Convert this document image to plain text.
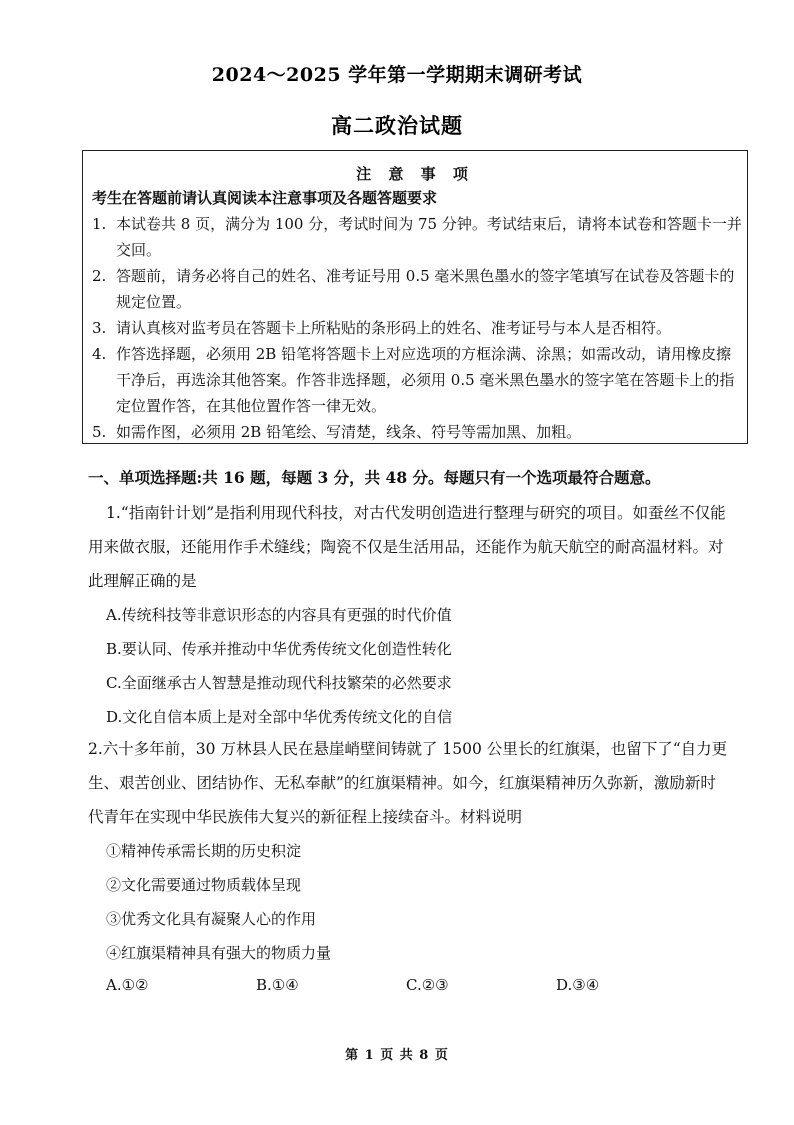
2024～2025 学年第一学期期末调研考试
高二政治试题
注 意 事 项
考生在答题前请认真阅读本注意事项及各题答题要求
1. 本试卷共 8 页，满分为 100 分，考试时间为 75 分钟。考试结束后，请将本试卷和答题卡一并交回。
2. 答题前，请务必将自己的姓名、准考证号用 0.5 毫米黑色墨水的签字笔填写在试卷及答题卡的规定位置。
3. 请认真核对监考员在答题卡上所粘贴的条形码上的姓名、准考证号与本人是否相符。
4. 作答选择题，必须用 2B 铅笔将答题卡上对应选项的方框涂满、涂黑；如需改动，请用橡皮擦干净后，再选涂其他答案。作答非选择题，必须用 0.5 毫米黑色墨水的签字笔在答题卡上的指定位置作答，在其他位置作答一律无效。
5. 如需作图，必须用 2B 铅笔绘、写清楚，线条、符号等需加黑、加粗。
一、单项选择题:共 16 题，每题 3 分，共 48 分。每题只有一个选项最符合题意。
1.“指南针计划”是指利用现代科技，对古代发明创造进行整理与研究的项目。如蚕丝不仅能用来做衣服，还能用作手术缝线；陶瓷不仅是生活用品，还能作为航天航空的耐高温材料。对此理解正确的是
A.传统科技等非意识形态的内容具有更强的时代价值
B.要认同、传承并推动中华优秀传统文化创造性转化
C.全面继承古人智慧是推动现代科技繁荣的必然要求
D.文化自信本质上是对全部中华优秀传统文化的自信
2.六十多年前，30 万林县人民在悬崖峭壁间铸就了 1500 公里长的红旗渠，也留下了“自力更生、艰苦创业、团结协作、无私奉献”的红旗渠精神。如今，红旗渠精神历久弥新，激励新时代青年在实现中华民族伟大复兴的新征程上接续奋斗。材料说明
①精神传承需长期的历史积淀
②文化需要通过物质载体呈现
③优秀文化具有凝聚人心的作用
④红旗渠精神具有强大的物质力量
A.①②	B.①④	C.②③	D.③④
第 1 页 共 8 页
